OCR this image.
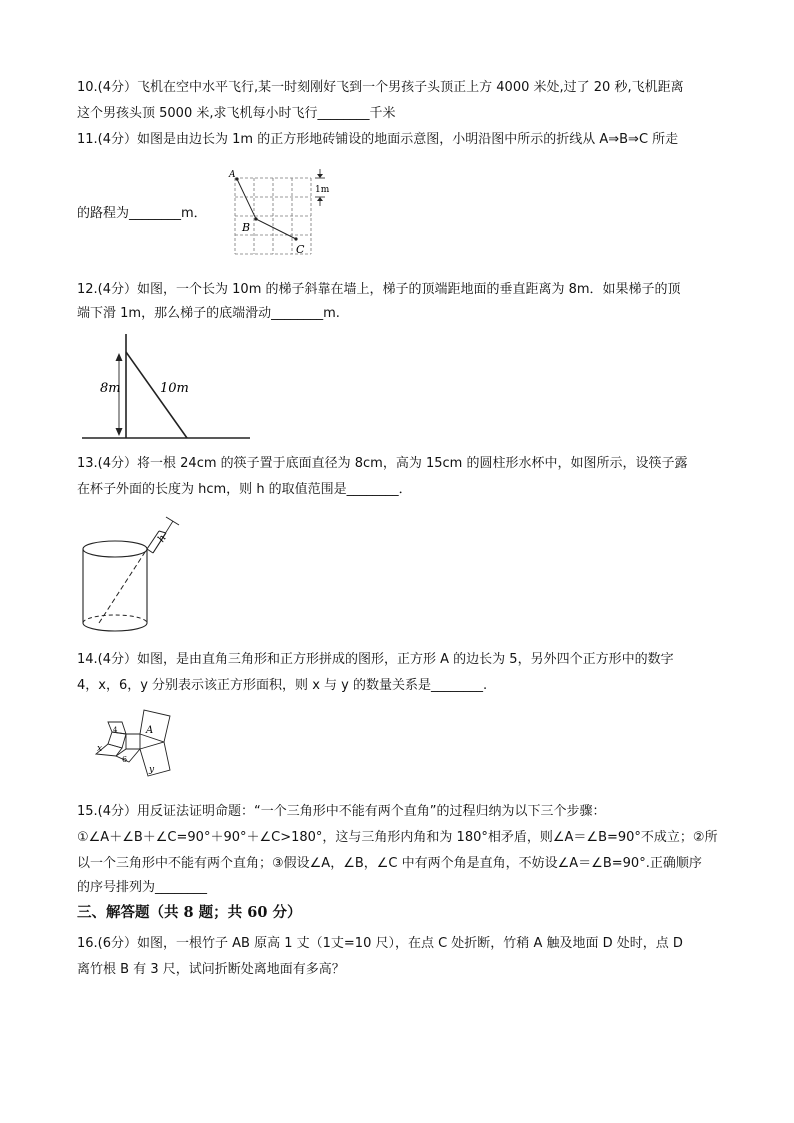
10.(4分）飞机在空中水平飞行,某一时刻刚好飞到一个男孩子头顶正上方 4000 米处,过了 20 秒,飞机距离
这个男孩头顶 5000 米,求飞机每小时飞行________千米
11.(4分）如图是由边长为 1m 的正方形地砖铺设的地面示意图，小明沿图中所示的折线从 A⇒B⇒C 所走
的路程为________m．
A
B
C
1m
12.(4分）如图，一个长为 10m 的梯子斜靠在墙上，梯子的顶端距地面的垂直距离为 8m．如果梯子的顶
端下滑 1m，那么梯子的底端滑动________m.
8m	10m
13.(4分）将一根 24cm 的筷子置于底面直径为 8cm，高为 15cm 的圆柱形水杯中，如图所示，设筷子露
在杯子外面的长度为 hcm，则 h 的取值范围是________．
h
14.(4分）如图，是由直角三角形和正方形拼成的图形，正方形 A 的边长为 5，另外四个正方形中的数字
4，x，6，y 分别表示该正方形面积，则 x 与 y 的数量关系是________.
A
4
x
6
y
15.(4分）用反证法证明命题：“一个三角形中不能有两个直角”的过程归纳为以下三个步骤：
①∠A＋∠B＋∠C=90°＋90°＋∠C>180°，这与三角形内角和为 180°相矛盾，则∠A＝∠B=90°不成立；②所
以一个三角形中不能有两个直角；③假设∠A，∠B，∠C 中有两个角是直角，不妨设∠A＝∠B=90°.正确顺序
的序号排列为________
三、解答题（共 8 题；共 60 分）
16.(6分）如图，一根竹子 AB 原高 1 丈（1丈=10 尺），在点 C 处折断，竹稍 A 触及地面 D 处时，点 D
离竹根 B 有 3 尺，试问折断处离地面有多高？
